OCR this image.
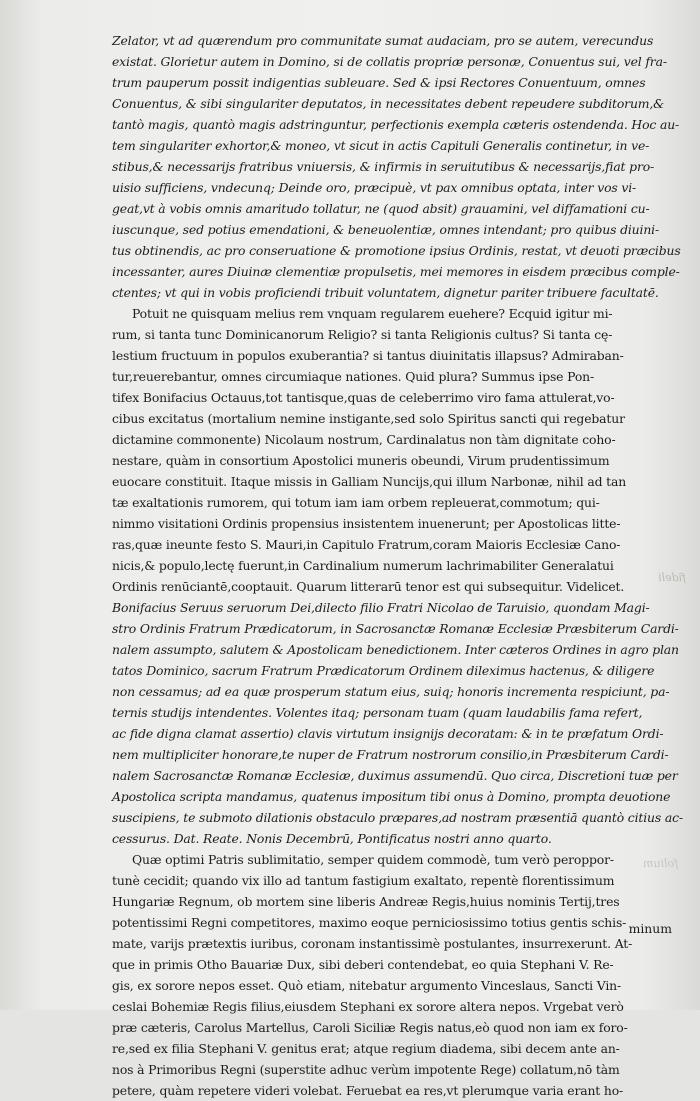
Zelator, vt ad quærendum pro communitate sumat audaciam, pro se autem, verecundus
existat. Glorietur autem in Domino, si de collatis propriæ personæ, Conuentus sui, vel fra-
trum pauperum possit indigentias subleuare. Sed & ipsi Rectores Conuentuum, omnes
Conuentus, & sibi singulariter deputatos, in necessitates debent repeudere subditorum,&
tantò magis, quantò magis adstringuntur, perfectionis exempla cæteris ostendenda. Hoc au-
tem singulariter exhortor,& moneo, vt sicut in actis Capituli Generalis continetur, in ve-
stibus,& necessarijs fratribus vniuersis, & infirmis in seruitutibus & necessarijs,fiat pro-
uisio sufficiens, vndecunq; Deinde oro, præcipuè, vt pax omnibus optata, inter vos vi-
geat,vt à vobis omnis amaritudo tollatur, ne (quod absit) grauamini, vel diffamationi cu-
iuscunque, sed potius emendationi, & beneuolentiæ, omnes intendant; pro quibus diuini-
tus obtinendis, ac pro conseruatione & promotione ipsius Ordinis, restat, vt deuoti præcibus
incessanter, aures Diuinæ clementiæ propulsetis, mei memores in eisdem præcibus comple-
ctentes; vt qui in vobis proficiendi tribuit voluntatem, dignetur pariter tribuere facultatē.
Potuit ne quisquam melius rem vnquam regularem euehere? Ecquid igitur mi-
rum, si tanta tunc Dominicanorum Religio? si tanta Religionis cultus? Si tanta cę-
lestium fructuum in populos exuberantia? si tantus diuinitatis illapsus? Admiraban-
tur,reuerebantur, omnes circumiaque nationes. Quid plura? Summus ipse Pon-
tifex Bonifacius Octauus,tot tantisque,quas de celeberrimo viro fama attulerat,vo-
cibus excitatus (mortalium nemine instigante,sed solo Spiritus sancti qui regebatur
dictamine commonente) Nicolaum nostrum, Cardinalatus non tàm dignitate coho-
nestare, quàm in consortium Apostolici muneris obeundi, Virum prudentissimum
euocare constituit. Itaque missis in Galliam Nuncijs,qui illum Narbonæ, nihil ad tan
tæ exaltationis rumorem, qui totum iam iam orbem repleuerat,commotum; qui-
nimmo visitationi Ordinis propensius insistentem inuenerunt; per Apostolicas litte-
ras,quæ ineunte festo S. Mauri,in Capitulo Fratrum,coram Maioris Ecclesiæ Cano-
nicis,& populo,lectę fuerunt,in Cardinalium numerum lachrimabiliter Generalatui
Ordinis renūciantē,cooptauit. Quarum litterarū tenor est qui subsequitur. Videlicet.
Bonifacius Seruus seruorum Dei,dilecto filio Fratri Nicolao de Taruisio, quondam Magi-
stro Ordinis Fratrum Prædicatorum, in Sacrosanctæ Romanæ Ecclesiæ Præsbiterum Cardi-
nalem assumpto, salutem & Apostolicam benedictionem. Inter cæteros Ordines in agro plan
tatos Dominico, sacrum Fratrum Prædicatorum Ordinem dileximus hactenus, & diligere
non cessamus; ad ea quæ prosperum statum eius, suiq; honoris incrementa respiciunt, pa-
ternis studijs intendentes. Volentes itaq; personam tuam (quam laudabilis fama refert,
ac fide digna clamat assertio) clavis virtutum insignijs decoratam: & in te præfatum Ordi-
nem multipliciter honorare,te nuper de Fratrum nostrorum consilio,in Præsbiterum Cardi-
nalem Sacrosanctæ Romanæ Ecclesiæ, duximus assumendū. Quo circa, Discretioni tuæ per
Apostolica scripta mandamus, quatenus impositum tibi onus à Domino, prompta deuotione
suscipiens, te submoto dilationis obstaculo præpares,ad nostram præsentiā quantò citius ac-
cessurus. Dat. Reate. Nonis Decembrū, Pontificatus nostri anno quarto.
Quæ optimi Patris sublimitatio, semper quidem commodè, tum verò peroppor-
tunè cecidit; quando vix illo ad tantum fastigium exaltato, repentè florentissimum
Hungariæ Regnum, ob mortem sine liberis Andreæ Regis,huius nominis Tertij,tres
potentissimi Regni competitores, maximo eoque perniciosissimo totius gentis schis-
mate, varijs prætextis iuribus, coronam instantissimè postulantes, insurrexerunt. At-
que in primis Otho Bauariæ Dux, sibi deberi contendebat, eo quia Stephani V. Re-
gis, ex sorore nepos esset. Quò etiam, nitebatur argumento Vinceslaus, Sancti Vin-
ceslai Bohemiæ Regis filius,eiusdem Stephani ex sorore altera nepos. Vrgebat verò
præ cæteris, Carolus Martellus, Caroli Siciliæ Regis natus,eò quod non iam ex foro-
re,sed ex filia Stephani V. genitus erat; atque regium diadema, sibi decem ante an-
nos à Primoribus Regni (superstite adhuc verùm impotente Rege) collatum,nō tàm
petere, quàm repetere videri volebat. Feruebat ea res,vt plerumque varia erant ho-
minum
fideli
folium
